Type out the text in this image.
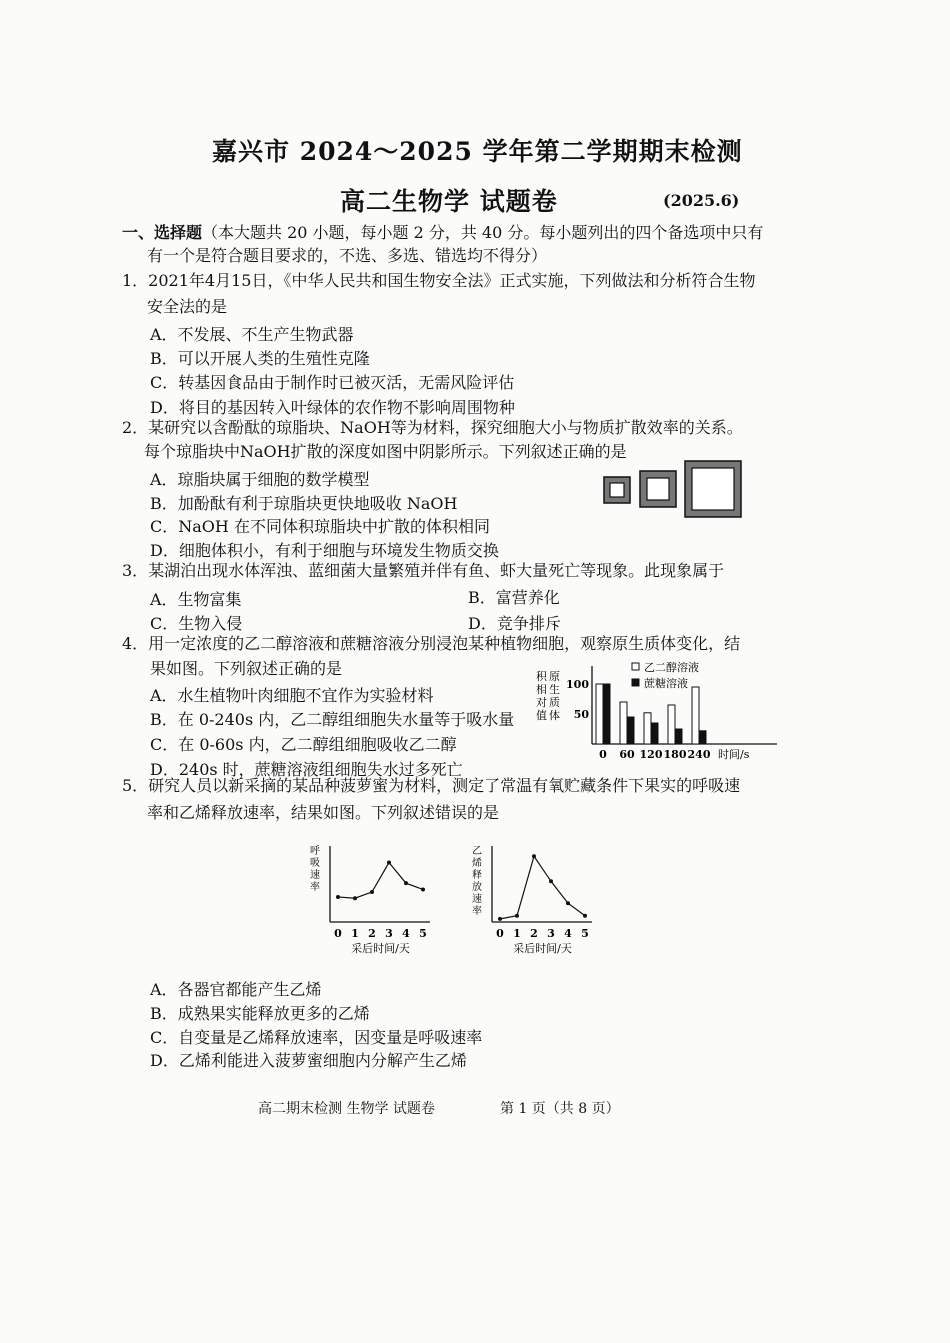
嘉兴市 2024～2025 学年第二学期期末检测
高二生物学 试题卷	(2025.6)
一、选择题（本大题共 20 小题，每小题 2 分，共 40 分。每小题列出的四个备选项中只有
有一个是符合题目要求的，不选、多选、错选均不得分）
1．2021年4月15日，《中华人民共和国生物安全法》正式实施，下列做法和分析符合生物
安全法的是
A．不发展、不生产生物武器
B．可以开展人类的生殖性克隆
C．转基因食品由于制作时已被灭活，无需风险评估
D．将目的基因转入叶绿体的农作物不影响周围物种
2．某研究以含酚酞的琼脂块、NaOH等为材料，探究细胞大小与物质扩散效率的关系。
每个琼脂块中NaOH扩散的深度如图中阴影所示。下列叙述正确的是
A．琼脂块属于细胞的数学模型
B．加酚酞有利于琼脂块更快地吸收 NaOH
C．NaOH 在不同体积琼脂块中扩散的体积相同
D．细胞体积小，有利于细胞与环境发生物质交换
3．某湖泊出现水体浑浊、蓝细菌大量繁殖并伴有鱼、虾大量死亡等现象。此现象属于
A．生物富集	B．富营养化
C．生物入侵	D．竞争排斥
4．用一定浓度的乙二醇溶液和蔗糖溶液分别浸泡某种植物细胞，观察原生质体变化，结
果如图。下列叙述正确的是
A．水生植物叶肉细胞不宜作为实验材料
B．在 0-240s 内，乙二醇组细胞失水量等于吸水量
C．在 0-60s 内，乙二醇组细胞吸收乙二醇
D．240s 时，蔗糖溶液组细胞失水过多死亡
乙二醇溶液
蔗糖溶液
50
100
0 60 120 180 240 时间/s
原
生
质
体
积
相
对
值
5．研究人员以新采摘的某品种菠萝蜜为材料，测定了常温有氧贮藏条件下果实的呼吸速
率和乙烯释放速率，结果如图。下列叙述错误的是
呼
吸
速
率
0 1 2 3 4 5
采后时间/天
乙
烯
释
放
速
率
0 1 2 3 4 5
采后时间/天
A．各器官都能产生乙烯
B．成熟果实能释放更多的乙烯
C．自变量是乙烯释放速率，因变量是呼吸速率
D．乙烯利能进入菠萝蜜细胞内分解产生乙烯
高二期末检测 生物学 试题卷	第 1 页（共 8 页）
